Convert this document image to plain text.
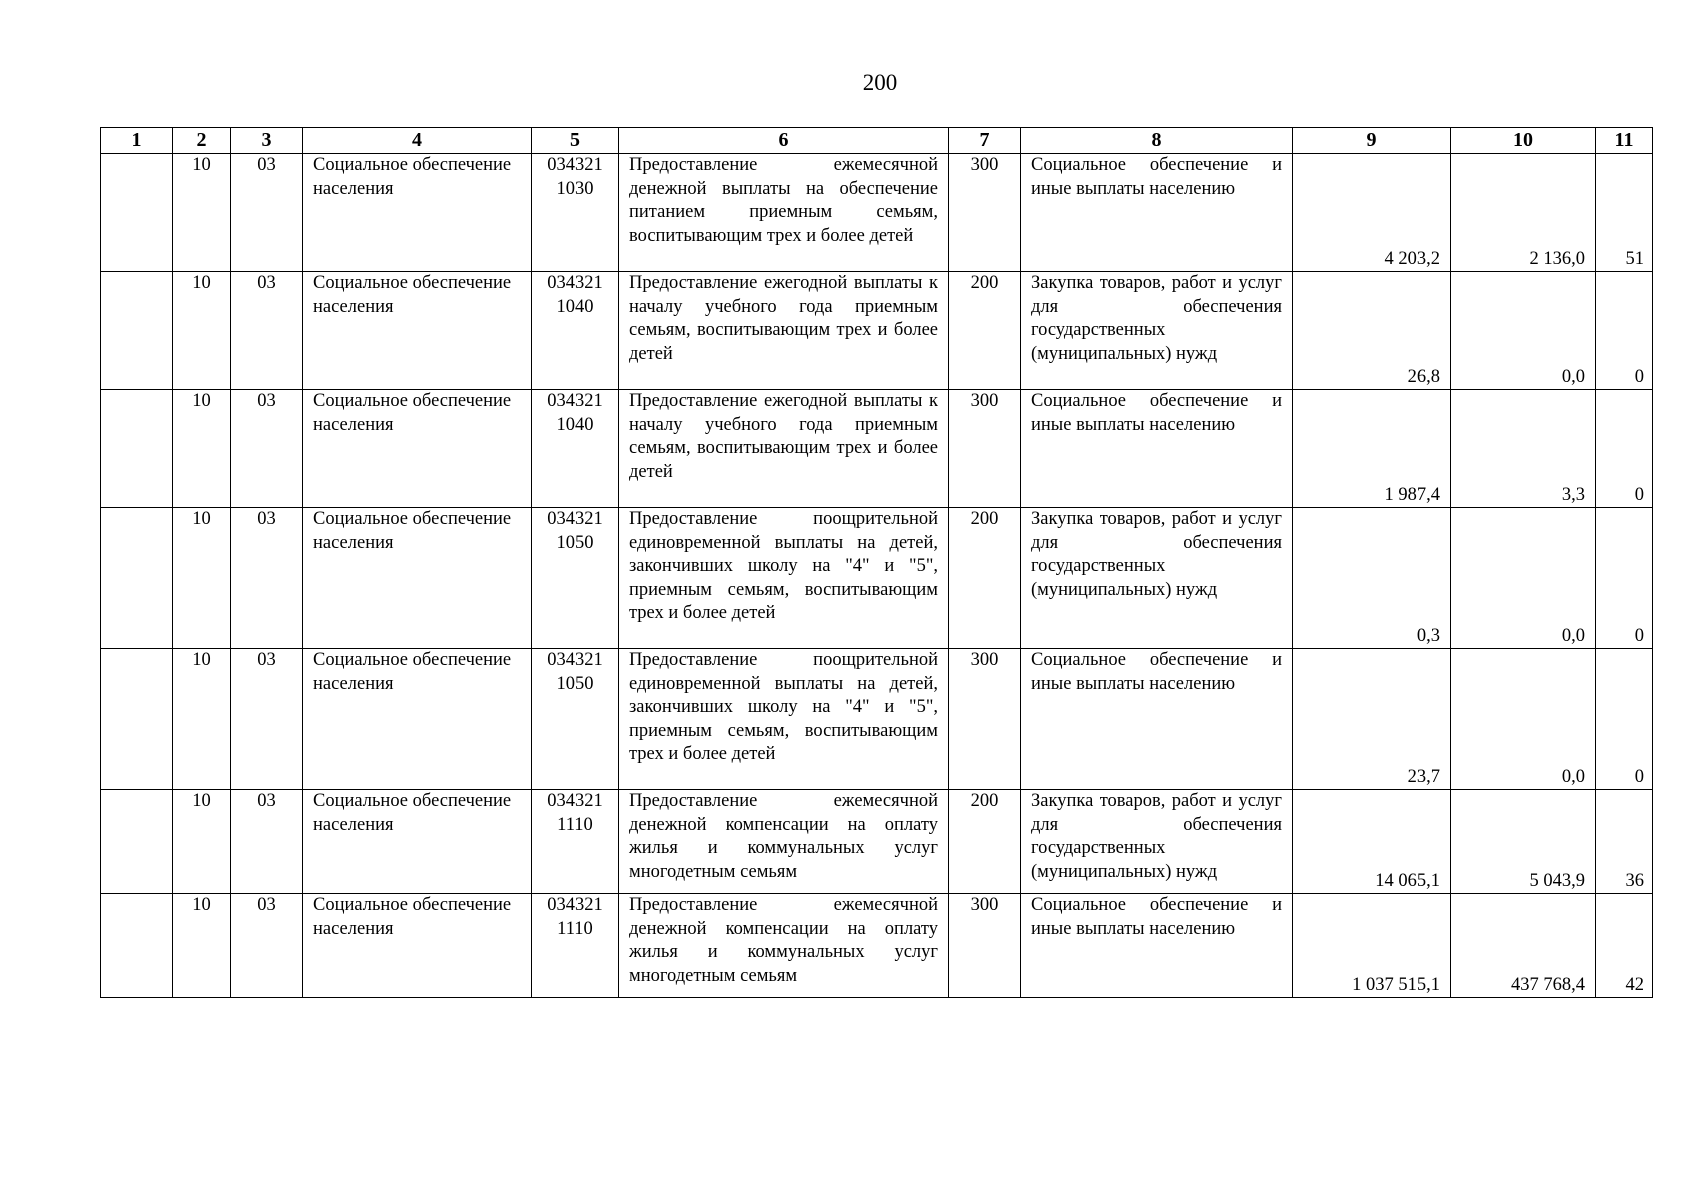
200
1	2	3	4	5	6	7	8	9	10	11
	10	03	Социальное обеспечение населения	034321 1030	Предоставление ежемесячной денежной выплаты на обеспечение питанием приемным семьям, воспитывающим трех и более детей	300	Социальное обеспечение и иные выплаты населению	4 203,2	2 136,0	51
	10	03	Социальное обеспечение населения	034321 1040	Предоставление ежегодной выплаты к началу учебного года приемным семьям, воспитывающим трех и более детей	200	Закупка товаров, работ и услуг для обеспечения государственных (муниципальных) нужд	26,8	0,0	0
	10	03	Социальное обеспечение населения	034321 1040	Предоставление ежегодной выплаты к началу учебного года приемным семьям, воспитывающим трех и более детей	300	Социальное обеспечение и иные выплаты населению	1 987,4	3,3	0
	10	03	Социальное обеспечение населения	034321 1050	Предоставление поощрительной единовременной выплаты на детей, закончивших школу на "4" и "5", приемным семьям, воспитывающим трех и более детей	200	Закупка товаров, работ и услуг для обеспечения государственных (муниципальных) нужд	0,3	0,0	0
	10	03	Социальное обеспечение населения	034321 1050	Предоставление поощрительной единовременной выплаты на детей, закончивших школу на "4" и "5", приемным семьям, воспитывающим трех и более детей	300	Социальное обеспечение и иные выплаты населению	23,7	0,0	0
	10	03	Социальное обеспечение населения	034321 1110	Предоставление ежемесячной денежной компенсации на оплату жилья и коммунальных услуг многодетным семьям	200	Закупка товаров, работ и услуг для обеспечения государственных (муниципальных) нужд	14 065,1	5 043,9	36
	10	03	Социальное обеспечение населения	034321 1110	Предоставление ежемесячной денежной компенсации на оплату жилья и коммунальных услуг многодетным семьям	300	Социальное обеспечение и иные выплаты населению	1 037 515,1	437 768,4	42
